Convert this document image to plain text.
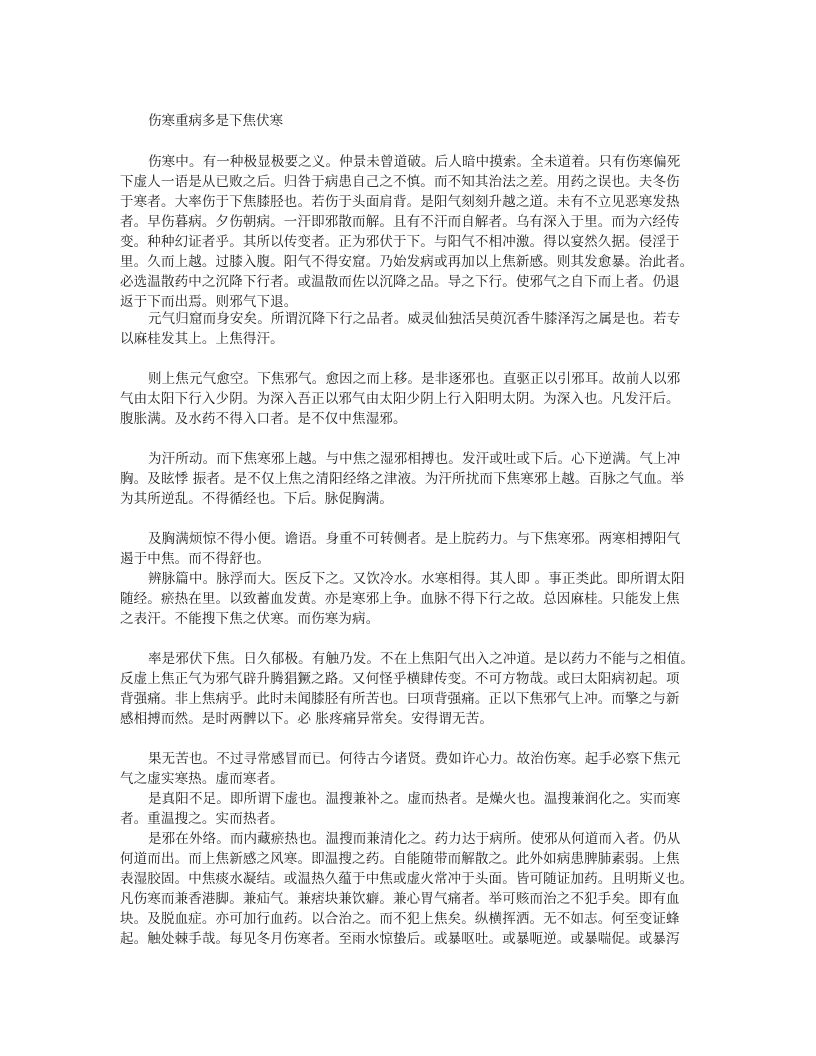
伤寒重病多是下焦伏寒
伤寒中。有一种极显极要之义。仲景未曾道破。后人暗中摸索。全未道着。只有伤寒偏死
下虚人一语是从已败之后。归咎于病患自己之不慎。而不知其治法之差。用药之误也。夫冬伤
于寒者。大率伤于下焦膝胫也。若伤于头面肩背。是阳气刻刻升越之道。未有不立见恶寒发热
者。早伤暮病。夕伤朝病。一汗即邪散而解。且有不汗而自解者。乌有深入于里。而为六经传
变。种种幻证者乎。其所以传变者。正为邪伏于下。与阳气不相冲激。得以宴然久据。侵淫于
里。久而上越。过膝入腹。阳气不得安窟。乃始发病或再加以上焦新感。则其发愈暴。治此者。
必选温散药中之沉降下行者。或温散而佐以沉降之品。导之下行。使邪气之自下而上者。仍退
返于下而出焉。则邪气下退。
元气归窟而身安矣。所谓沉降下行之品者。威灵仙独活吴萸沉香牛膝泽泻之属是也。若专
以麻桂发其上。上焦得汗。
则上焦元气愈空。下焦邪气。愈因之而上移。是非逐邪也。直驱正以引邪耳。故前人以邪
气由太阳下行入少阴。为深入吾正以邪气由太阳少阴上行入阳明太阴。为深入也。凡发汗后。
腹胀满。及水药不得入口者。是不仅中焦湿邪。
为汗所动。而下焦寒邪上越。与中焦之湿邪相搏也。发汗或吐或下后。心下逆满。气上冲
胸。及眩悸 振者。是不仅上焦之清阳经络之津液。为汗所扰而下焦寒邪上越。百脉之气血。举
为其所逆乱。不得循经也。下后。脉促胸满。
及胸满烦惊不得小便。谵语。身重不可转侧者。是上脘药力。与下焦寒邪。两寒相搏阳气
遏于中焦。而不得舒也。
辨脉篇中。脉浮而大。医反下之。又饮冷水。水寒相得。其人即 。事正类此。即所谓太阳
随经。瘀热在里。以致蓄血发黄。亦是寒邪上争。血脉不得下行之故。总因麻桂。只能发上焦
之表汗。不能搜下焦之伏寒。而伤寒为病。
率是邪伏下焦。日久郁极。有触乃发。不在上焦阳气出入之冲道。是以药力不能与之相值。
反虚上焦正气为邪气辟升腾猖獗之路。又何怪乎横肆传变。不可方物哉。或曰太阳病初起。项
背强痛。非上焦病乎。此时未闻膝胫有所苦也。曰项背强痛。正以下焦邪气上冲。而擎之与新
感相搏而然。是时两髀以下。必 胀疼痛异常矣。安得谓无苦。
果无苦也。不过寻常感冒而已。何待古今诸贤。费如许心力。故治伤寒。起手必察下焦元
气之虚实寒热。虚而寒者。
是真阳不足。即所谓下虚也。温搜兼补之。虚而热者。是燥火也。温搜兼润化之。实而寒
者。重温搜之。实而热者。
是邪在外络。而内藏瘀热也。温搜而兼清化之。药力达于病所。使邪从何道而入者。仍从
何道而出。而上焦新感之风寒。即温搜之药。自能随带而解散之。此外如病患脾肺素弱。上焦
表湿胶固。中焦痰水凝结。或温热久蕴于中焦或虚火常冲于头面。皆可随证加药。且明斯义也。
凡伤寒而兼香港脚。兼疝气。兼痞块兼饮癖。兼心胃气痛者。举可赅而治之不犯手矣。即有血
块。及脱血症。亦可加行血药。以合治之。而不犯上焦矣。纵横挥洒。无不如志。何至变证蜂
起。触处棘手哉。每见冬月伤寒者。至雨水惊蛰后。或暴呕吐。或暴呃逆。或暴喘促。或暴泻
